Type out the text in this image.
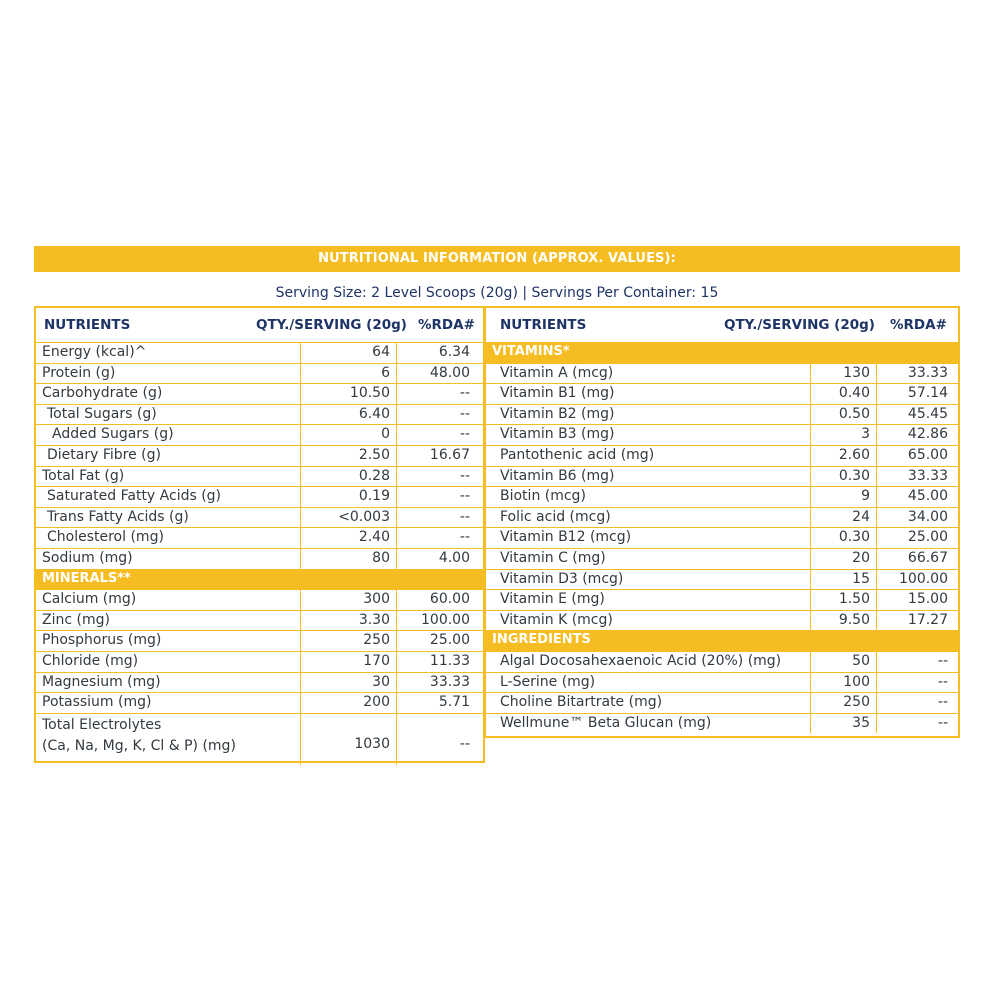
NUTRITIONAL INFORMATION (APPROX. VALUES):
Serving Size: 2 Level Scoops (20g) | Servings Per Container: 15
NUTRIENTS	QTY./SERVING (20g) %RDA#
Energy (kcal)^	64	6.34
Protein (g)	6	48.00
Carbohydrate (g)	10.50	--
Total Sugars (g)	6.40	--
Added Sugars (g)	0	--
Dietary Fibre (g)	2.50	16.67
Total Fat (g)	0.28	--
Saturated Fatty Acids (g)	0.19	--
Trans Fatty Acids (g)	<0.003	--
Cholesterol (mg)	2.40	--
Sodium (mg)	80	4.00
MINERALS**
Calcium (mg)	300	60.00
Zinc (mg)	3.30	100.00
Phosphorus (mg)	250	25.00
Chloride (mg)	170	11.33
Magnesium (mg)	30	33.33
Potassium (mg)	200	5.71
Total Electrolytes
(Ca, Na, Mg, K, Cl & P) (mg)	1030	--
NUTRIENTS	QTY./SERVING (20g) %RDA#
VITAMINS*
Vitamin A (mcg)	130	33.33
Vitamin B1 (mg)	0.40	57.14
Vitamin B2 (mg)	0.50	45.45
Vitamin B3 (mg)	3	42.86
Pantothenic acid (mg)	2.60	65.00
Vitamin B6 (mg)	0.30	33.33
Biotin (mcg)	9	45.00
Folic acid (mcg)	24	34.00
Vitamin B12 (mcg)	0.30	25.00
Vitamin C (mg)	20	66.67
Vitamin D3 (mcg)	15	100.00
Vitamin E (mg)	1.50	15.00
Vitamin K (mcg)	9.50	17.27
INGREDIENTS
Algal Docosahexaenoic Acid (20%) (mg)	50	--
L-Serine (mg)	100	--
Choline Bitartrate (mg)	250	--
Wellmune™ Beta Glucan (mg)	35	--
